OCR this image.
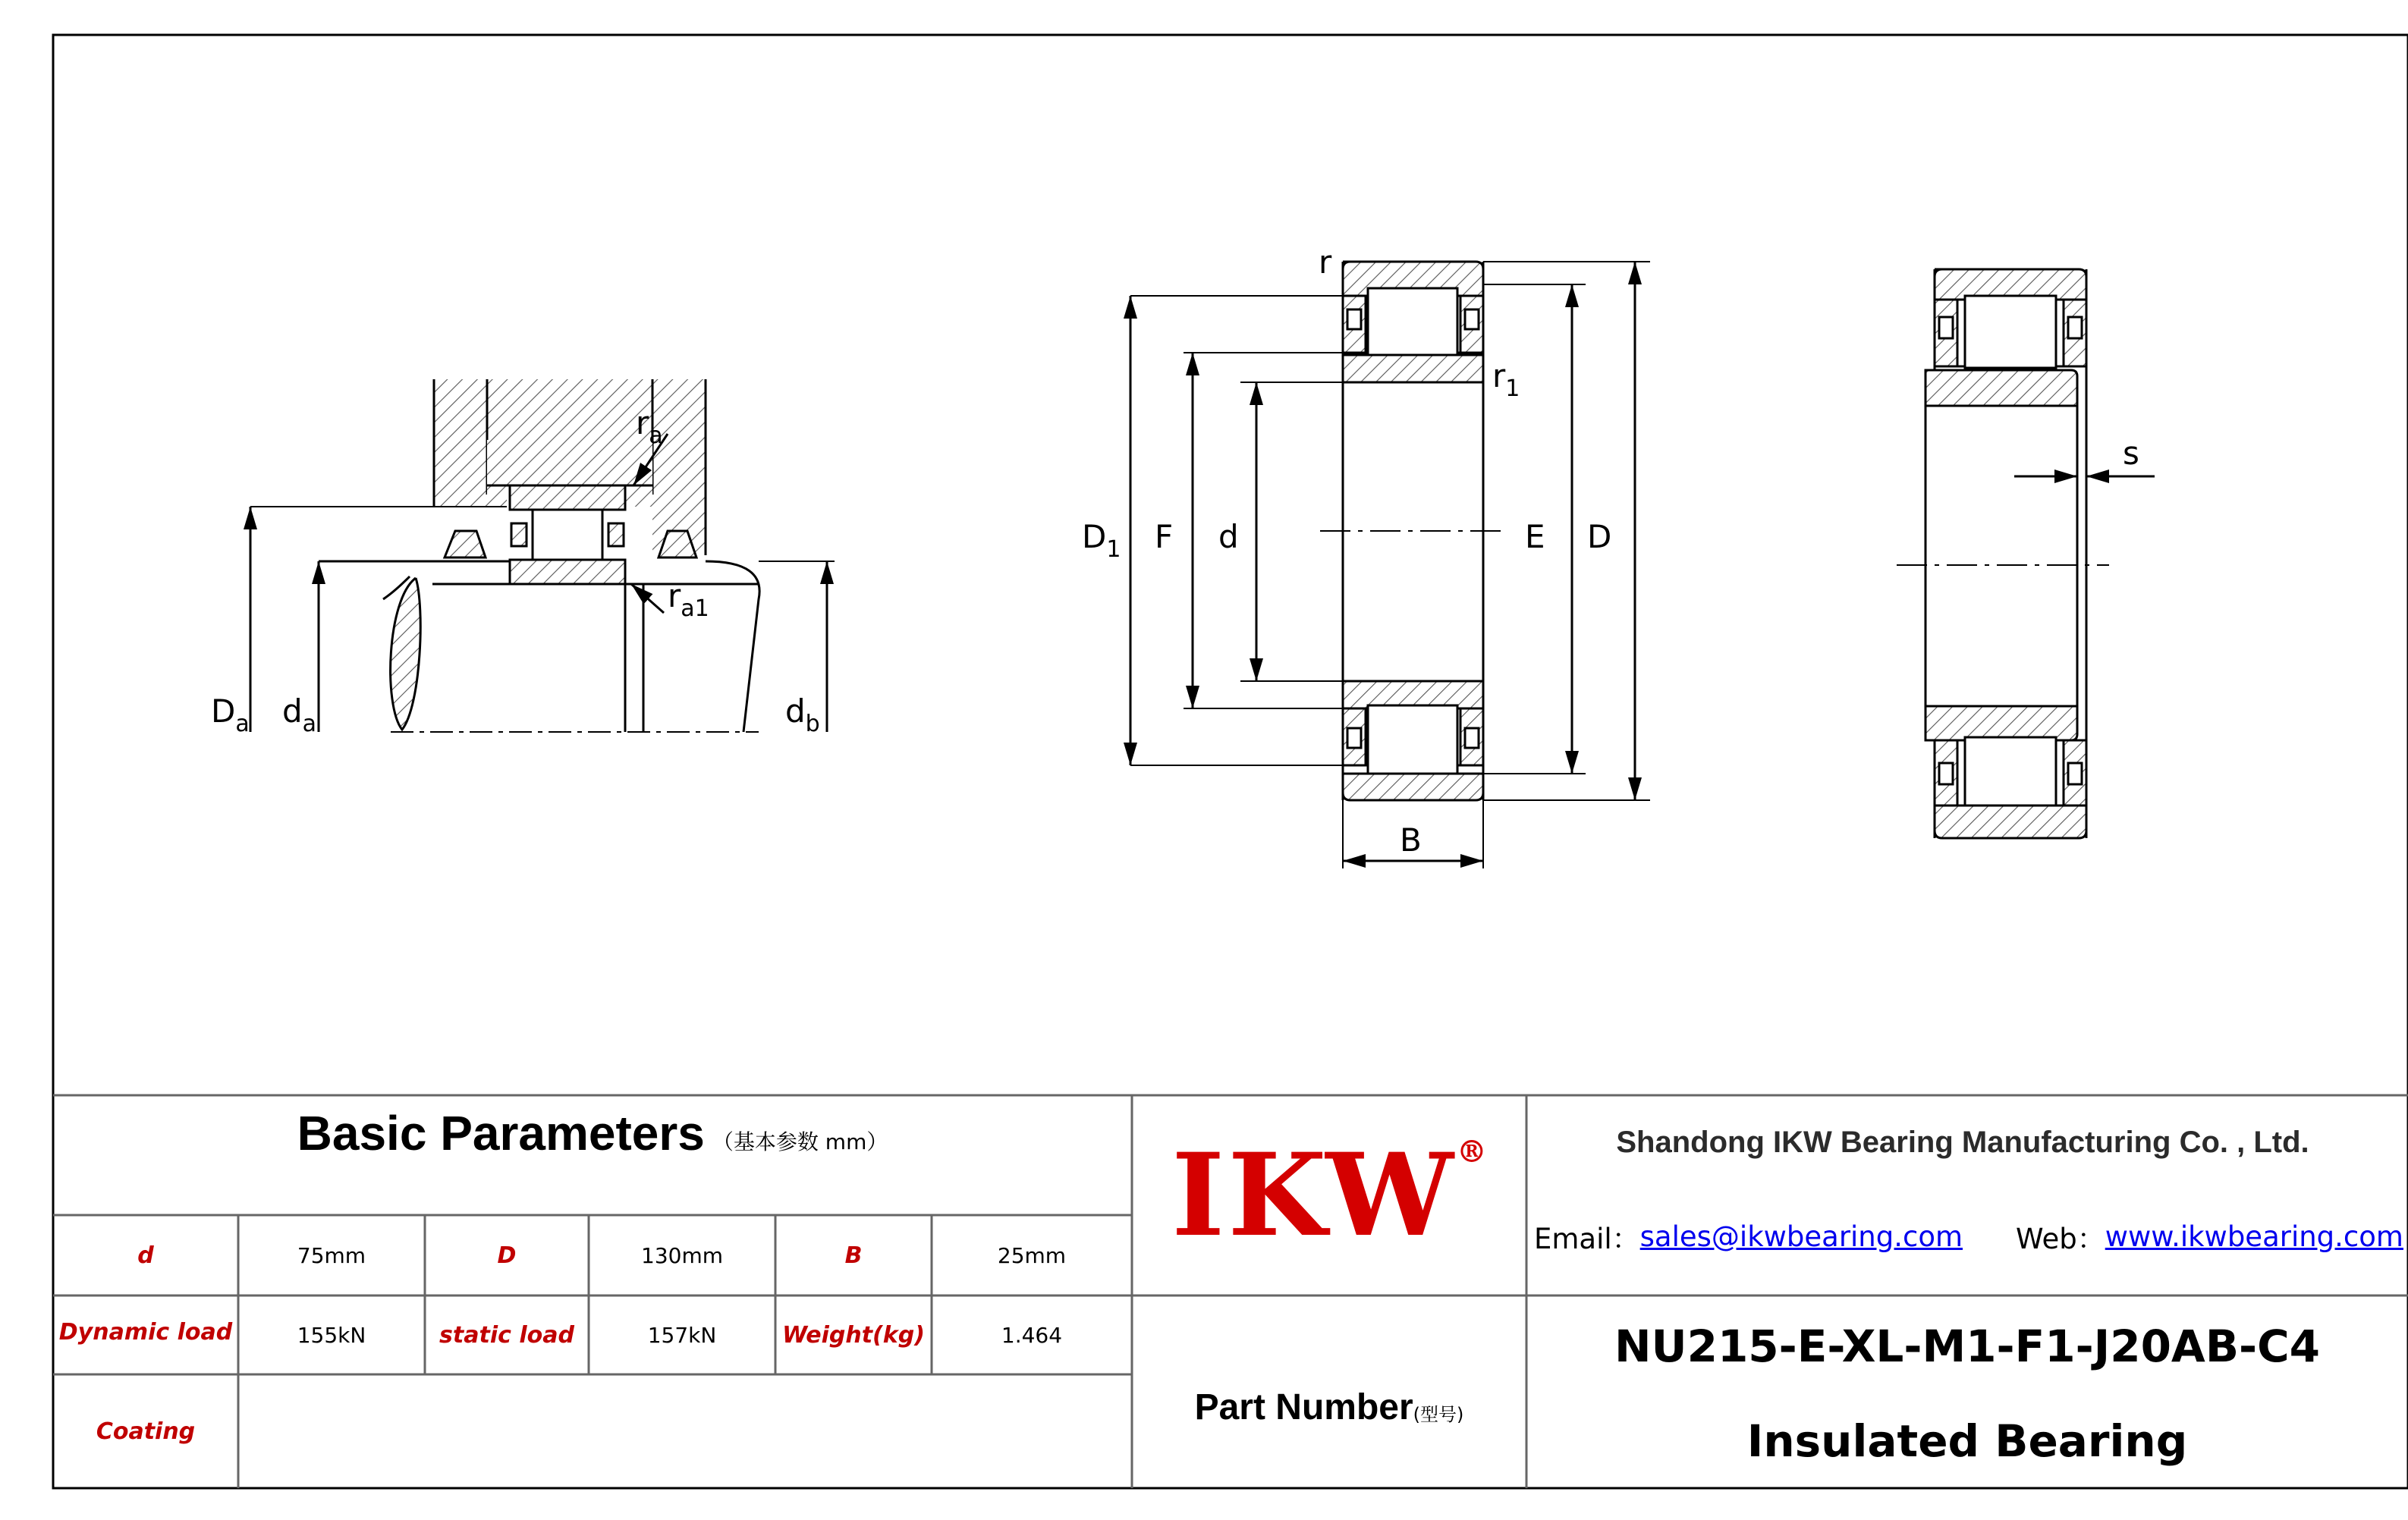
$r_a$
$r_{a1}$
$D_a$ $d_a$	$d_b$
r
$r_1$
$D_1$ F d	E D
B
s
Basic Parameters （基本参数 mm）
d	75mm	D	130mm	B	25mm
Dynamic load	155kN	static load	157kN	Weight(kg)	1.464
Coating
IKW ®
Part Number (型号)
Shandong IKW Bearing Manufacturing Co. , Ltd.
Email： sales@ikwbearing.com Web： www.ikwbearing.com
NU215-E-XL-M1-F1-J20AB-C4
Insulated Bearing
